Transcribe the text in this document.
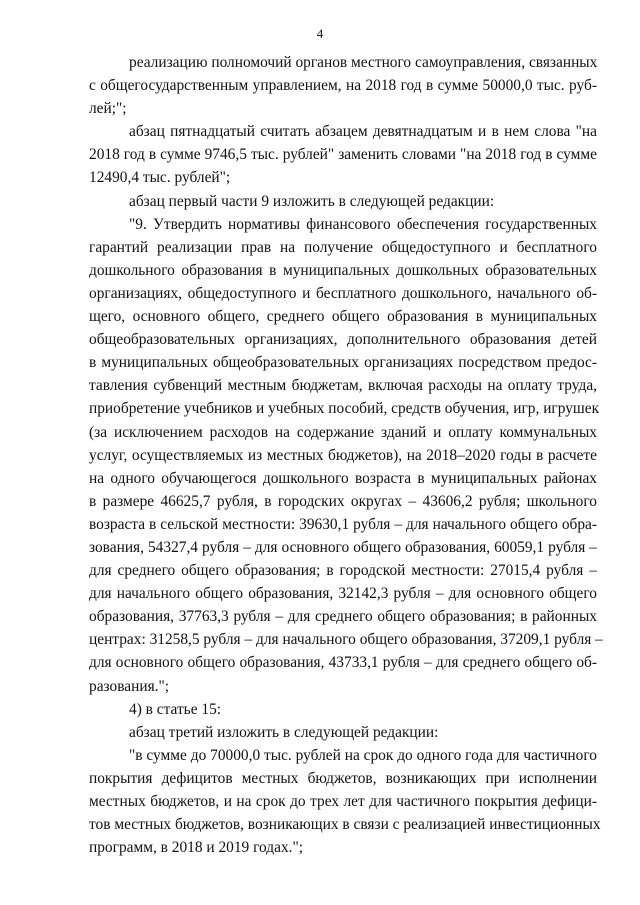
4
реализацию полномочий органов местного самоуправления, связанных
с общегосударственным управлением, на 2018 год в сумме 50000,0 тыс. руб-
лей;";
абзац пятнадцатый считать абзацем девятнадцатым и в нем слова "на
2018 год в сумме 9746,5 тыс. рублей" заменить словами "на 2018 год в сумме
12490,4 тыс. рублей";
абзац первый части 9 изложить в следующей редакции:
"9. Утвердить нормативы финансового обеспечения государственных
гарантий реализации прав на получение общедоступного и бесплатного
дошкольного образования в муниципальных дошкольных образовательных
организациях, общедоступного и бесплатного дошкольного, начального об-
щего, основного общего, среднего общего образования в муниципальных
общеобразовательных организациях, дополнительного образования детей
в муниципальных общеобразовательных организациях посредством предос-
тавления субвенций местным бюджетам, включая расходы на оплату труда,
приобретение учебников и учебных пособий, средств обучения, игр, игрушек
(за исключением расходов на содержание зданий и оплату коммунальных
услуг, осуществляемых из местных бюджетов), на 2018–2020 годы в расчете
на одного обучающегося дошкольного возраста в муниципальных районах
в размере 46625,7 рубля, в городских округах – 43606,2 рубля; школьного
возраста в сельской местности: 39630,1 рубля – для начального общего обра-
зования, 54327,4 рубля – для основного общего образования, 60059,1 рубля –
для среднего общего образования; в городской местности: 27015,4 рубля –
для начального общего образования, 32142,3 рубля – для основного общего
образования, 37763,3 рубля – для среднего общего образования; в районных
центрах: 31258,5 рубля – для начального общего образования, 37209,1 рубля –
для основного общего образования, 43733,1 рубля – для среднего общего об-
разования.";
4) в статье 15:
абзац третий изложить в следующей редакции:
"в сумме до 70000,0 тыс. рублей на срок до одного года для частичного
покрытия дефицитов местных бюджетов, возникающих при исполнении
местных бюджетов, и на срок до трех лет для частичного покрытия дефици-
тов местных бюджетов, возникающих в связи с реализацией инвестиционных
программ, в 2018 и 2019 годах.";
